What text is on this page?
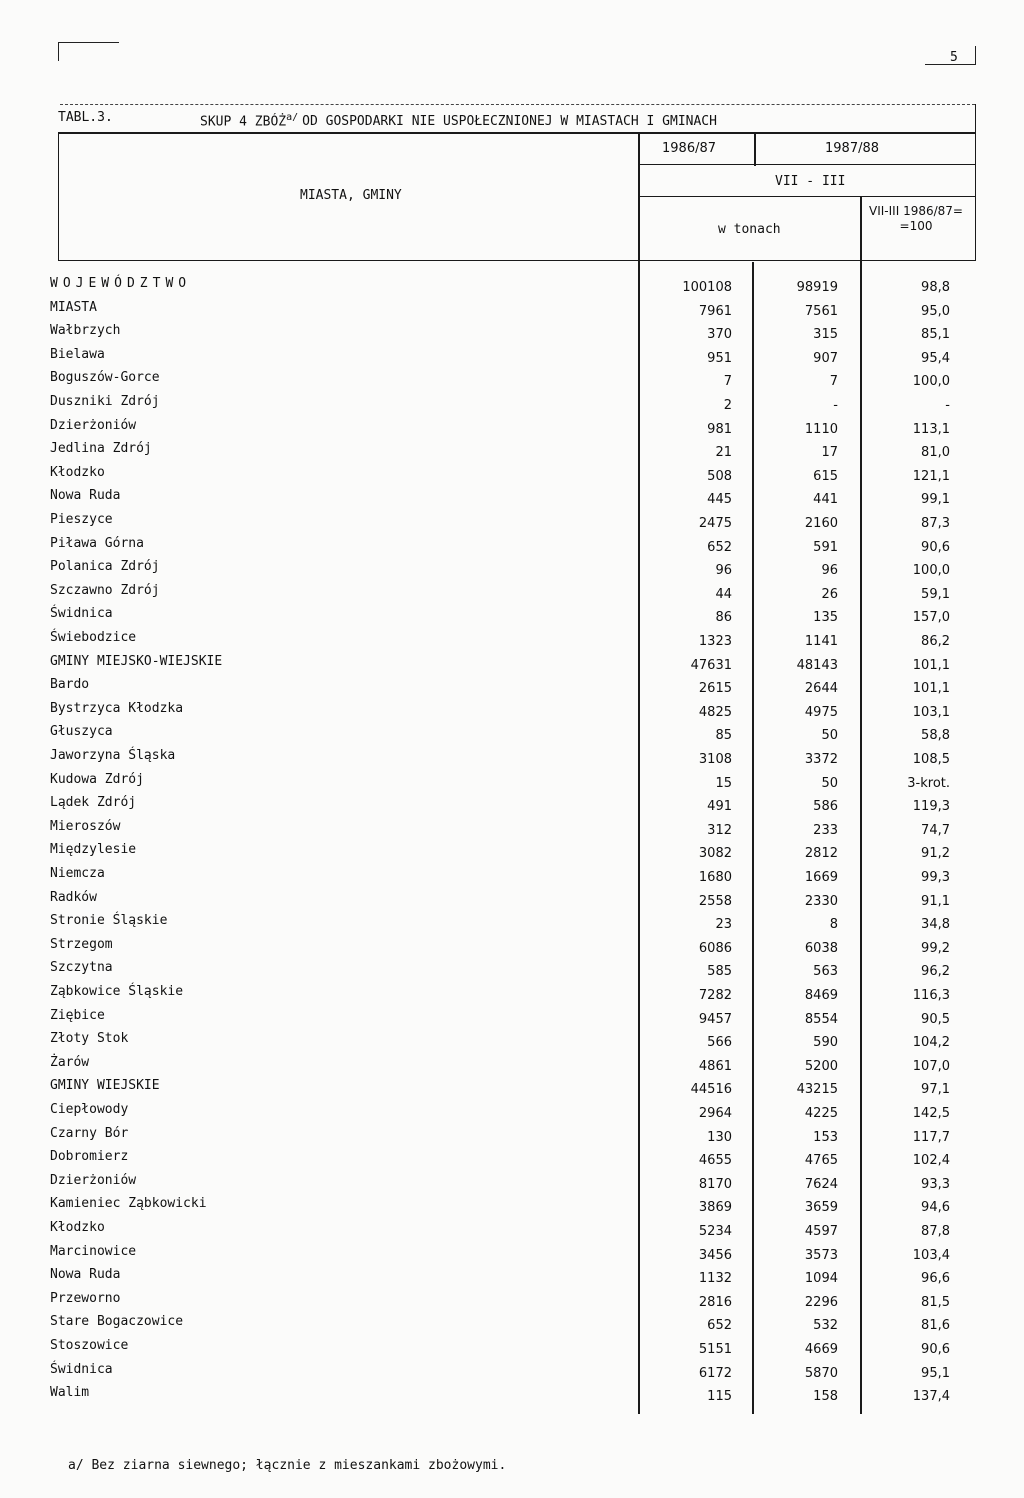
5
TABL.3.	SKUP 4 $ZBÓŻ^{a/}$ OD GOSPODARKI NIE USPOŁECZNIONEJ W MIASTACH I GMINACH
MIASTA, GMINY
1986/87	1987/88
VII - III
w tonach
VII-III 1986/87= =100
WOJEWÓDZTWO	100108	98919	98,8
MIASTA	7961	7561	95,0
Wałbrzych	370	315	85,1
Bielawa	951	907	95,4
Boguszów-Gorce	7	7	100,0
Duszniki Zdrój	2	-	-
Dzierżoniów	981	1110	113,1
Jedlina Zdrój	21	17	81,0
Kłodzko	508	615	121,1
Nowa Ruda	445	441	99,1
Pieszyce	2475	2160	87,3
Piława Górna	652	591	90,6
Polanica Zdrój	96	96	100,0
Szczawno Zdrój	44	26	59,1
Świdnica	86	135	157,0
Świebodzice	1323	1141	86,2
GMINY MIEJSKO-WIEJSKIE	47631	48143	101,1
Bardo	2615	2644	101,1
Bystrzyca Kłodzka	4825	4975	103,1
Głuszyca	85	50	58,8
Jaworzyna Śląska	3108	3372	108,5
Kudowa Zdrój	15	50	3-krot.
Lądek Zdrój	491	586	119,3
Mieroszów	312	233	74,7
Międzylesie	3082	2812	91,2
Niemcza	1680	1669	99,3
Radków	2558	2330	91,1
Stronie Śląskie	23	8	34,8
Strzegom	6086	6038	99,2
Szczytna	585	563	96,2
Ząbkowice Śląskie	7282	8469	116,3
Ziębice	9457	8554	90,5
Złoty Stok	566	590	104,2
Żarów	4861	5200	107,0
GMINY WIEJSKIE	44516	43215	97,1
Ciepłowody	2964	4225	142,5
Czarny Bór	130	153	117,7
Dobromierz	4655	4765	102,4
Dzierżoniów	8170	7624	93,3
Kamieniec Ząbkowicki	3869	3659	94,6
Kłodzko	5234	4597	87,8
Marcinowice	3456	3573	103,4
Nowa Ruda	1132	1094	96,6
Przeworno	2816	2296	81,5
Stare Bogaczowice	652	532	81,6
Stoszowice	5151	4669	90,6
Świdnica	6172	5870	95,1
Walim	115	158	137,4
a/ Bez ziarna siewnego; łącznie z mieszankami zbożowymi.
